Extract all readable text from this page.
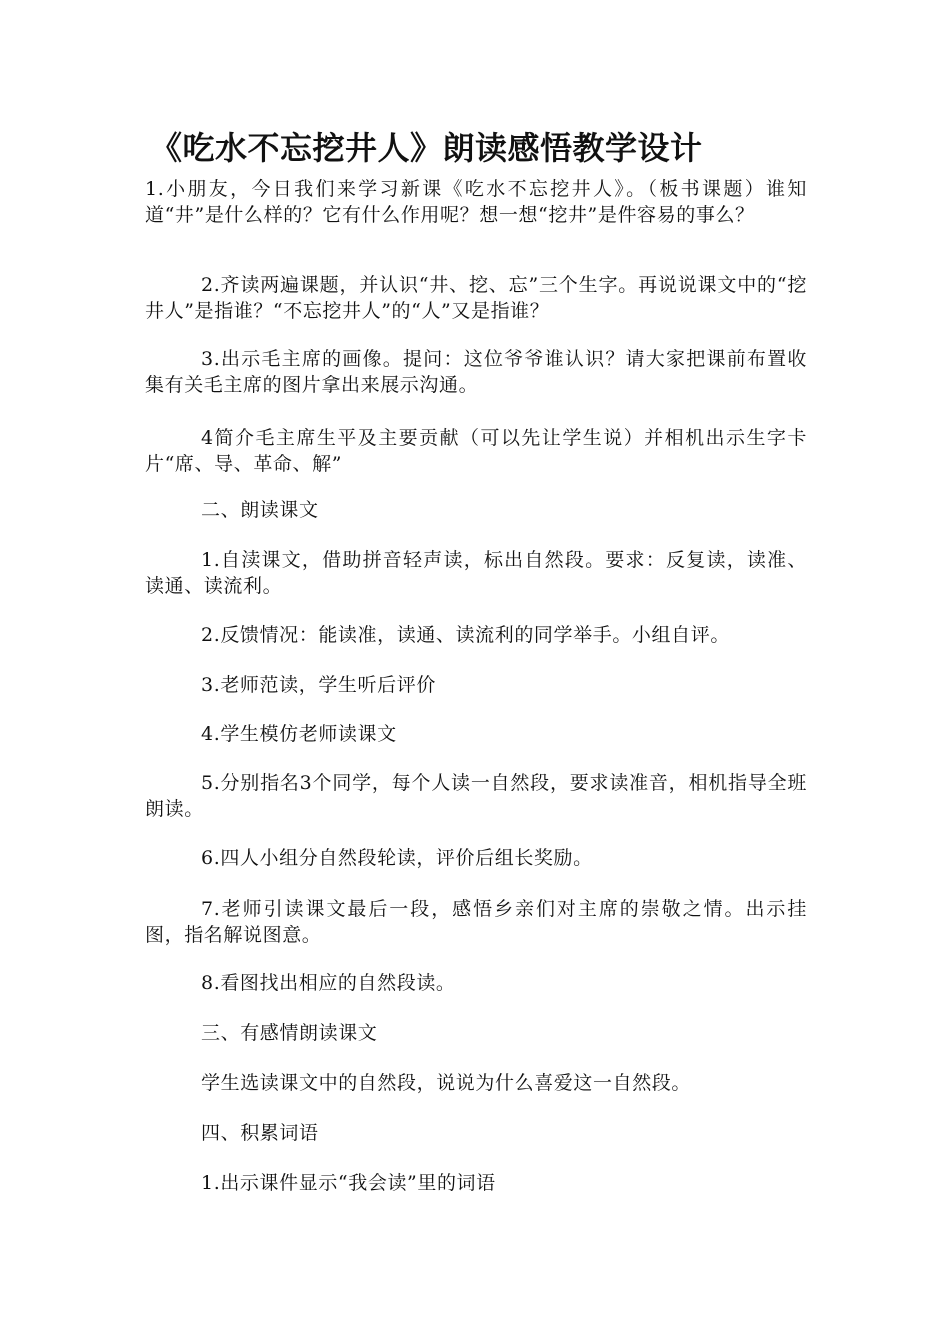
《吃水不忘挖井人》朗读感悟教学设计

1.小朋友，今日我们来学习新课《吃水不忘挖井人》。（板书课题）谁知道“井”是什么样的？它有什么作用呢？想一想“挖井”是件容易的事么？

2.齐读两遍课题，并认识“井、挖、忘”三个生字。再说说课文中的“挖井人”是指谁？“不忘挖井人”的“人”又是指谁？

3.出示毛主席的画像。提问：这位爷爷谁认识？请大家把课前布置收集有关毛主席的图片拿出来展示沟通。

4简介毛主席生平及主要贡献（可以先让学生说）并相机出示生字卡片“席、导、革命、解”

二、朗读课文

1.自渎课文，借助拼音轻声读，标出自然段。要求：反复读，读准、读通、读流利。

2.反馈情况：能读准，读通、读流利的同学举手。小组自评。

3.老师范读，学生听后评价

4.学生模仿老师读课文

5.分别指名3个同学，每个人读一自然段，要求读准音，相机指导全班朗读。

6.四人小组分自然段轮读，评价后组长奖励。

7.老师引读课文最后一段，感悟乡亲们对主席的崇敬之情。出示挂图，指名解说图意。

8.看图找出相应的自然段读。

三、有感情朗读课文

学生选读课文中的自然段，说说为什么喜爱这一自然段。

四、积累词语

1.出示课件显示“我会读”里的词语
